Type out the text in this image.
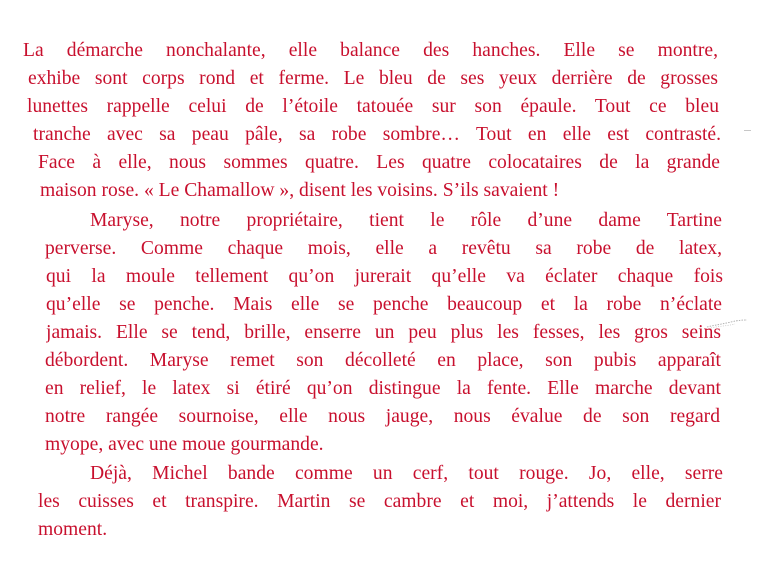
La démarche nonchalante, elle balance des hanches. Elle se montre,
exhibe sont corps rond et ferme. Le bleu de ses yeux derrière de grosses
lunettes rappelle celui de l’étoile tatouée sur son épaule. Tout ce bleu
tranche avec sa peau pâle, sa robe sombre… Tout en elle est contrasté.
Face à elle, nous sommes quatre. Les quatre colocataires de la grande
maison rose. « Le Chamallow », disent les voisins. S’ils savaient !
Maryse, notre propriétaire, tient le rôle d’une dame Tartine
perverse. Comme chaque mois, elle a revêtu sa robe de latex,
qui la moule tellement qu’on jurerait qu’elle va éclater chaque fois
qu’elle se penche. Mais elle se penche beaucoup et la robe n’éclate
jamais. Elle se tend, brille, enserre un peu plus les fesses, les gros seins
débordent. Maryse remet son décolleté en place, son pubis apparaît
en relief, le latex si étiré qu’on distingue la fente. Elle marche devant
notre rangée sournoise, elle nous jauge, nous évalue de son regard
myope, avec une moue gourmande.
Déjà, Michel bande comme un cerf, tout rouge. Jo, elle, serre
les cuisses et transpire. Martin se cambre et moi, j’attends le dernier
moment.
